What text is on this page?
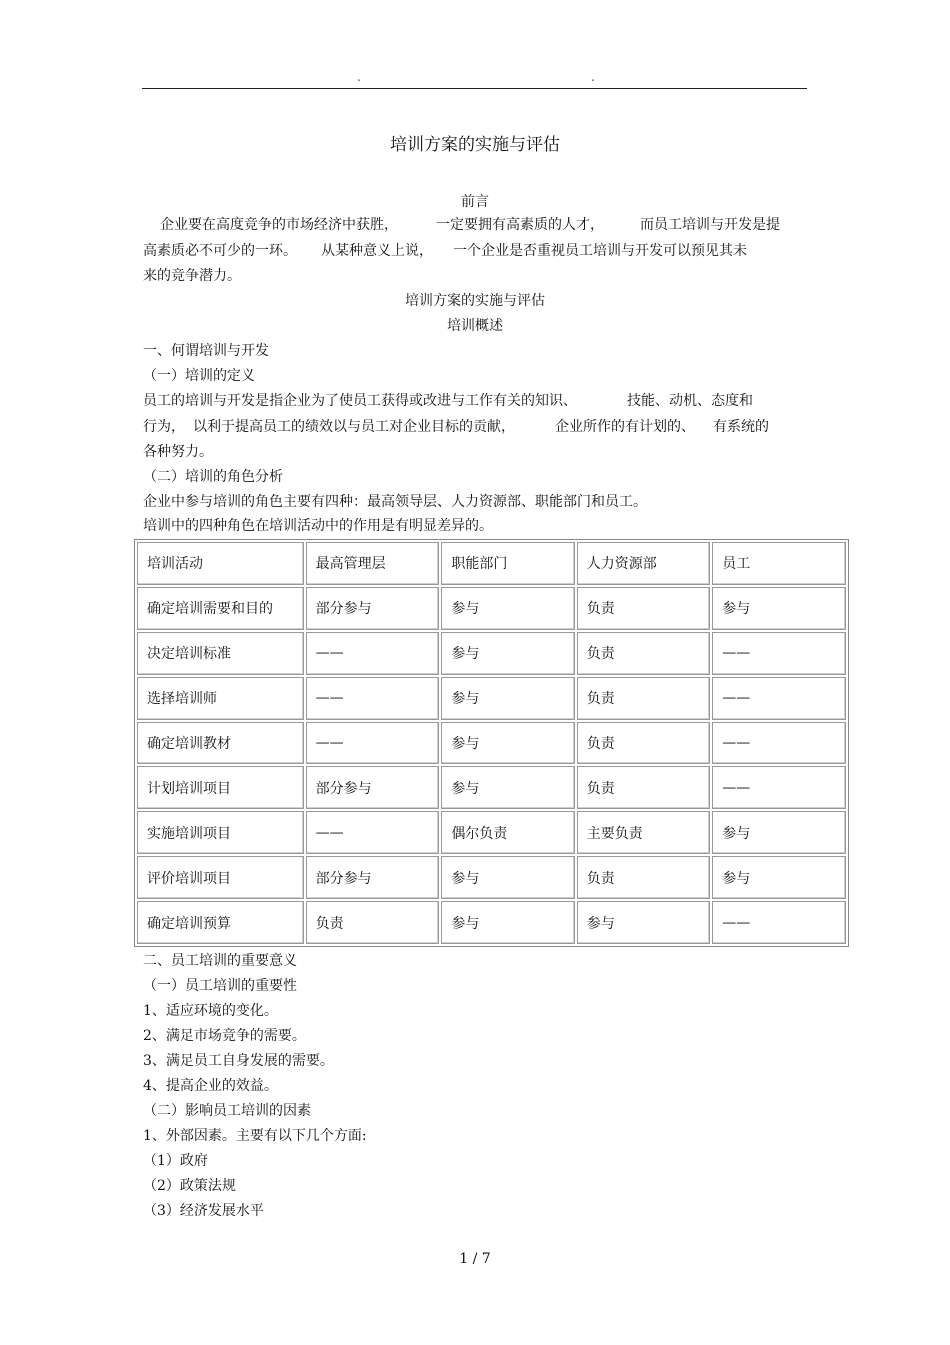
.	.
培训方案的实施与评估
前言
企业要在高度竞争的市场经济中获胜，	一定要拥有高素质的人才，	而员工培训与开发是提
高素质必不可少的一环。 从某种意义上说， 一个企业是否重视员工培训与开发可以预见其未
来的竞争潜力。
培训方案的实施与评估
培训概述
一、何谓培训与开发
（一）培训的定义
员工的培训与开发是指企业为了使员工获得或改进与工作有关的知识、	技能、动机、态度和
行为， 以利于提高员工的绩效以与员工对企业目标的贡献，	企业所作的有计划的、 有系统的
各种努力。
（二）培训的角色分析
企业中参与培训的角色主要有四种：最高领导层、人力资源部、职能部门和员工。
培训中的四种角色在培训活动中的作用是有明显差异的。
培训活动	最高管理层	职能部门	人力资源部	员工
确定培训需要和目的	部分参与	参与	负责	参与
决定培训标准	——	参与	负责	——
选择培训师	——	参与	负责	——
确定培训教材	——	参与	负责	——
计划培训项目	部分参与	参与	负责	——
实施培训项目	——	偶尔负责	主要负责	参与
评价培训项目	部分参与	参与	负责	参与
确定培训预算	负责	参与	参与	——
二、员工培训的重要意义
（一）员工培训的重要性
1、适应环境的变化。
2、满足市场竞争的需要。
3、满足员工自身发展的需要。
4、提高企业的效益。
（二）影响员工培训的因素
1、外部因素。主要有以下几个方面:
（1）政府
（2）政策法规
（3）经济发展水平
1 / 7
